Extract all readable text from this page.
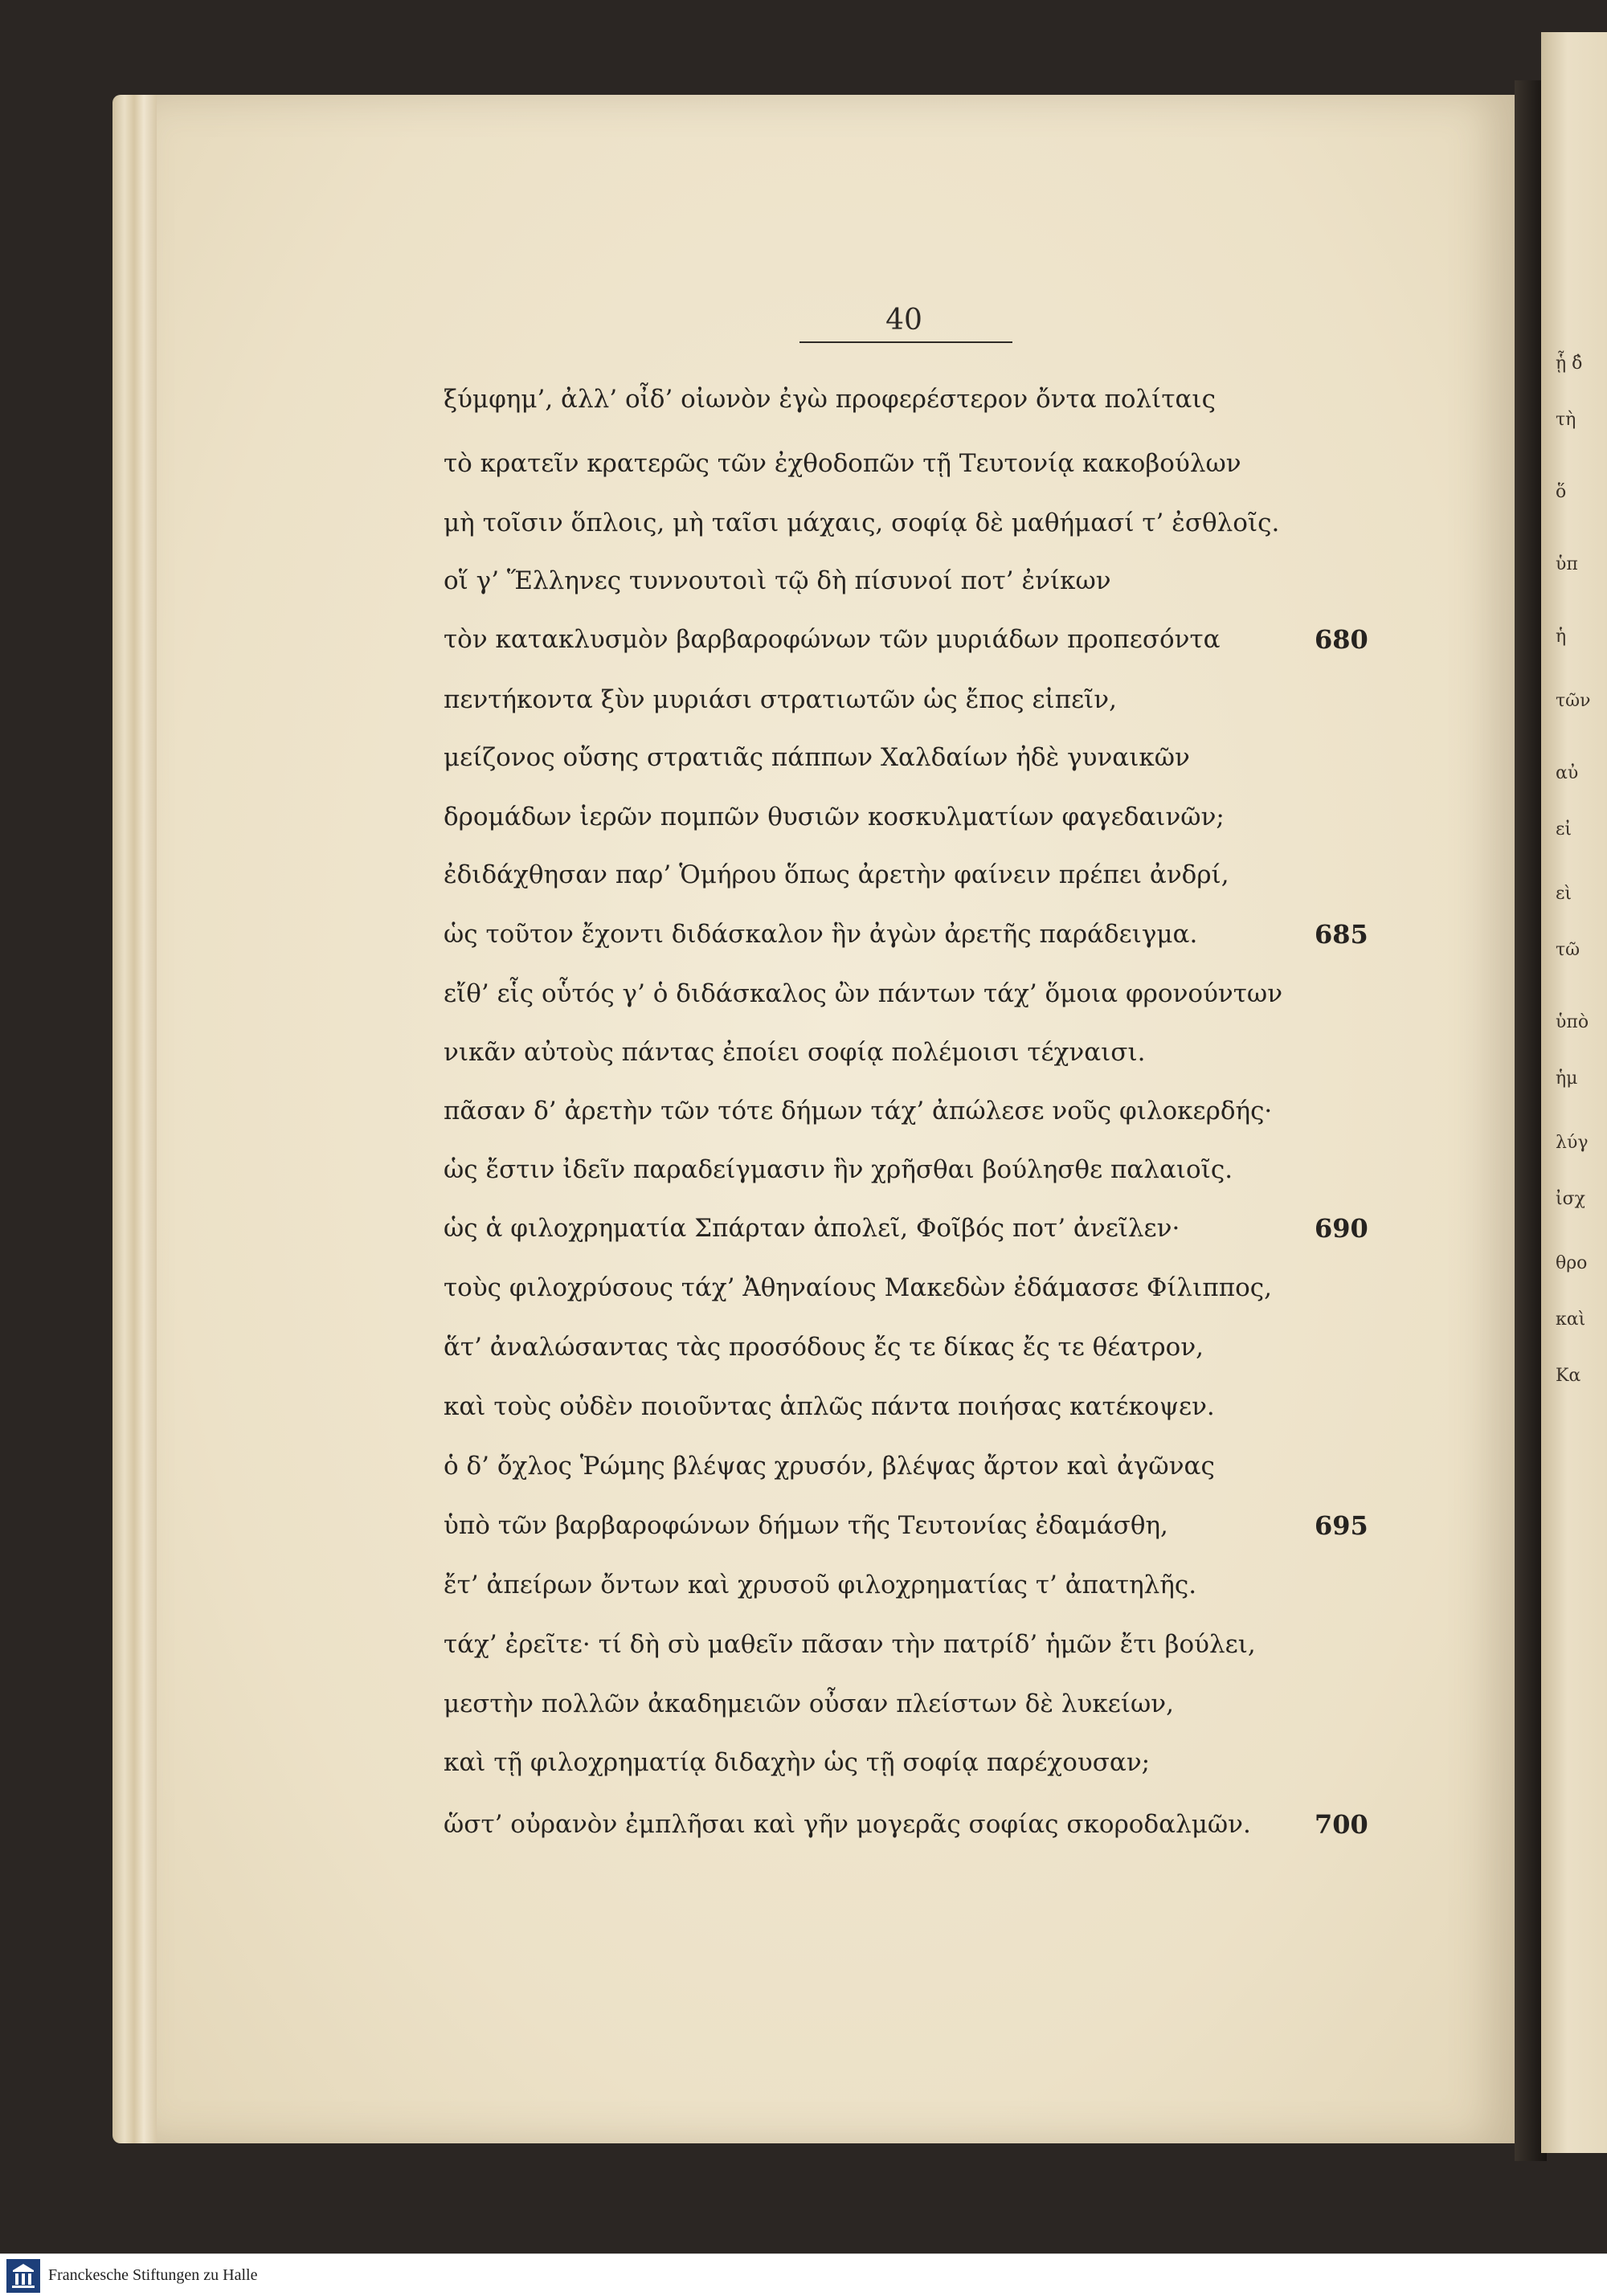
ᾗ δ̓
τὴ
ὅ
ὑπ
ἡ
τῶν
αὐ
εἰ
εὶ
τῶ
ὑπὸ
ἡμ
λύγ
ἰσχ
θρο
καὶ
Κα
40
ξύμφημ’, ἀλλ’ οἶδ’ οἰωνὸν ἐγὼ προφερέστερον ὄντα πολίταις
τὸ κρατεῖν κρατερῶς τῶν ἐχθοδοπῶν τῇ Τευτονίᾳ κακοβούλων
μὴ τοῖσιν ὅπλοις, μὴ ταῖσι μάχαις, σοφίᾳ δὲ μαθήμασί τ’ ἐσθλοῖς.
οἵ γ’ Ἕλληνες τυννουτοιὶ τῷ δὴ πίσυνοί ποτ’ ἐνίκων
τὸν κατακλυσμὸν βαρβαροφώνων τῶν μυριάδων προπεσόντα	680
πεντήκοντα ξὺν μυριάσι στρατιωτῶν ὡς ἔπος εἰπεῖν,
μείζονος οὔσης στρατιᾶς πάππων Χαλδαίων ἠδὲ γυναικῶν
δρομάδων ἱερῶν πομπῶν θυσιῶν κοσκυλματίων φαγεδαινῶν;
ἐδιδάχθησαν παρ’ Ὁμήρου ὅπως ἀρετὴν φαίνειν πρέπει ἀνδρί,
ὡς τοῦτον ἔχοντι διδάσκαλον ἣν ἀγὼν ἀρετῆς παράδειγμα.	685
εἴθ’ εἷς οὗτός γ’ ὁ διδάσκαλος ὢν πάντων τάχ’ ὅμοια φρονούντων
νικᾶν αὐτοὺς πάντας ἐποίει σοφίᾳ πολέμοισι τέχναισι.
πᾶσαν δ’ ἀρετὴν τῶν τότε δήμων τάχ’ ἀπώλεσε νοῦς φιλοκερδής·
ὡς ἔστιν ἰδεῖν παραδείγμασιν ἣν χρῆσθαι βούλησθε παλαιοῖς.
ὡς ἁ φιλοχρηματία Σπάρταν ἀπολεῖ, Φοῖβός ποτ’ ἀνεῖλεν·	690
τοὺς φιλοχρύσους τάχ’ Ἀθηναίους Μακεδὼν ἐδάμασσε Φίλιππος,
ἅτ’ ἀναλώσαντας τὰς προσόδους ἔς τε δίκας ἔς τε θέατρον,
καὶ τοὺς οὐδὲν ποιοῦντας ἁπλῶς πάντα ποιήσας κατέκοψεν.
ὁ δ’ ὄχλος Ῥώμης βλέψας χρυσόν, βλέψας ἄρτον καὶ ἀγῶνας
ὑπὸ τῶν βαρβαροφώνων δήμων τῆς Τευτονίας ἐδαμάσθη,	695
ἔτ’ ἀπείρων ὄντων καὶ χρυσοῦ φιλοχρηματίας τ’ ἀπατηλῆς.
τάχ’ ἐρεῖτε· τί δὴ σὺ μαθεῖν πᾶσαν τὴν πατρίδ’ ἡμῶν ἔτι βούλει,
μεστὴν πολλῶν ἀκαδημειῶν οὖσαν πλείστων δὲ λυκείων,
καὶ τῇ φιλοχρηματίᾳ διδαχὴν ὡς τῇ σοφίᾳ παρέχουσαν;
ὥστ’ οὐρανὸν ἐμπλῆσαι καὶ γῆν μογερᾶς σοφίας σκοροδαλμῶν. 700
Franckesche Stiftungen zu Halle
